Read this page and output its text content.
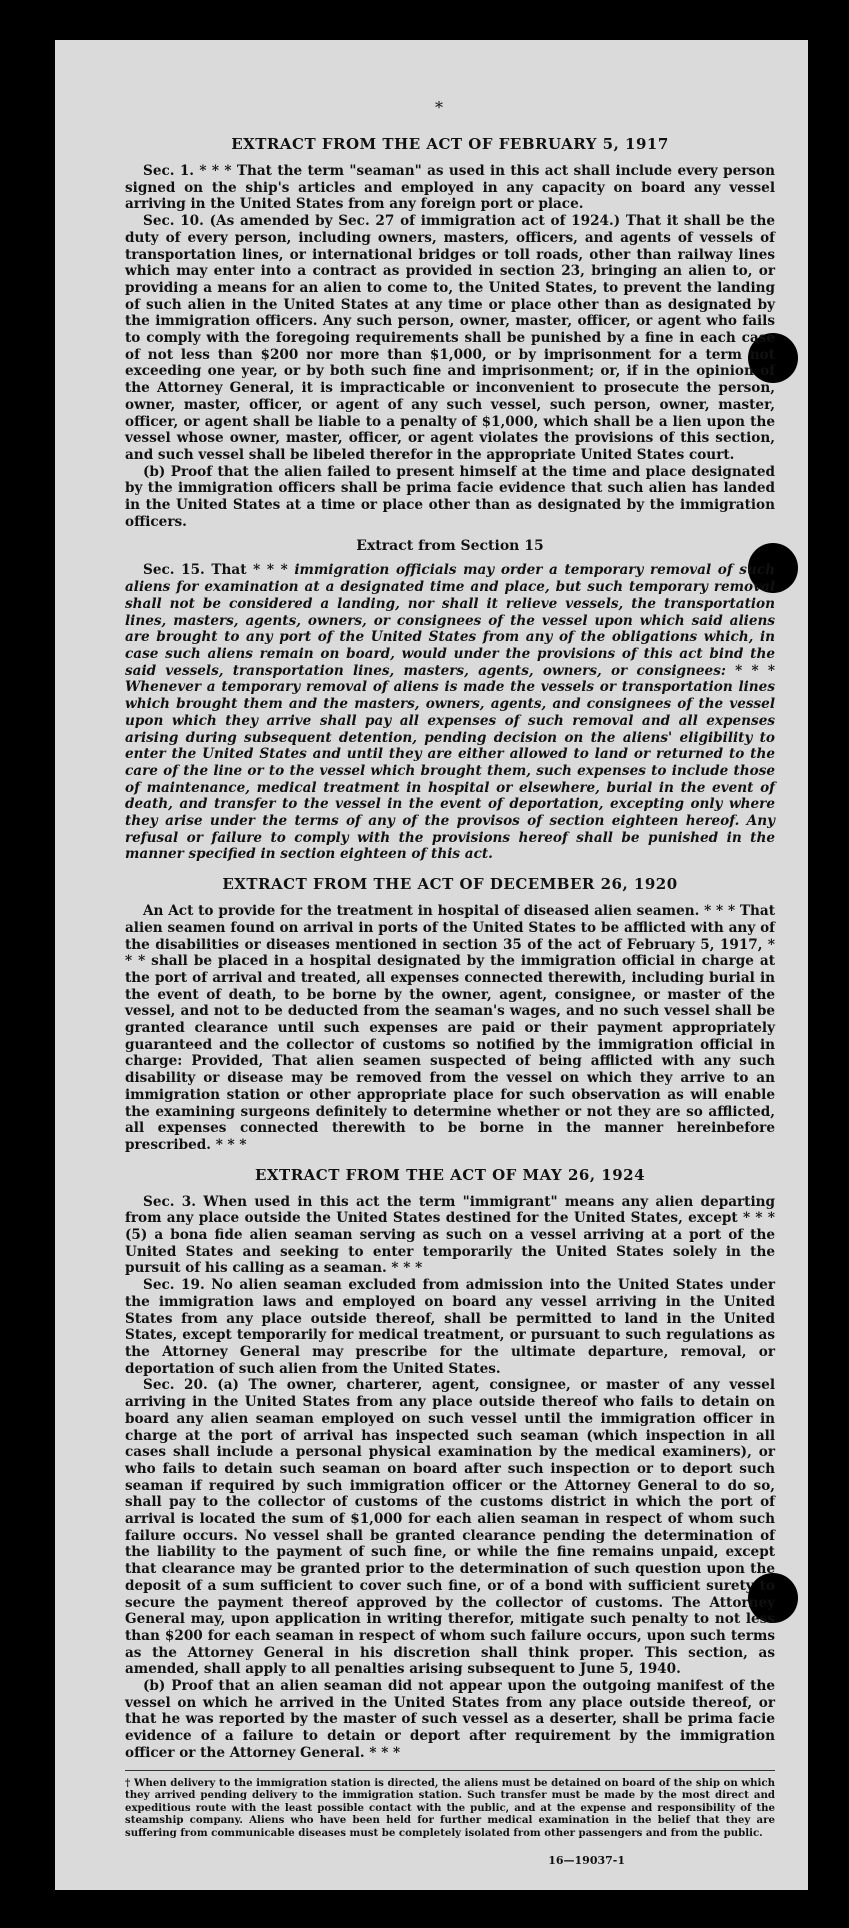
*
EXTRACT FROM THE ACT OF FEBRUARY 5, 1917

Sec. 1. * * * That the term "seaman" as used in this act shall include every person signed on the ship's articles and employed in any capacity on board any vessel arriving in the United States from any foreign port or place.

Sec. 10. (As amended by Sec. 27 of immigration act of 1924.) That it shall be the duty of every person, including owners, masters, officers, and agents of vessels of transportation lines, or international bridges or toll roads, other than railway lines which may enter into a contract as provided in section 23, bringing an alien to, or providing a means for an alien to come to, the United States, to prevent the landing of such alien in the United States at any time or place other than as designated by the immigration officers. Any such person, owner, master, officer, or agent who fails to comply with the foregoing requirements shall be punished by a fine in each case of not less than $200 nor more than $1,000, or by imprisonment for a term not exceeding one year, or by both such fine and imprisonment; or, if in the opinion of the Attorney General, it is impracticable or inconvenient to prosecute the person, owner, master, officer, or agent of any such vessel, such person, owner, master, officer, or agent shall be liable to a penalty of $1,000, which shall be a lien upon the vessel whose owner, master, officer, or agent violates the provisions of this section, and such vessel shall be libeled therefor in the appropriate United States court.

(b) Proof that the alien failed to present himself at the time and place designated by the immigration officers shall be prima facie evidence that such alien has landed in the United States at a time or place other than as designated by the immigration officers.

Extract from Section 15

Sec. 15. That * * * immigration officials may order a temporary removal of such aliens for examination at a designated time and place, but such temporary removal shall not be considered a landing, nor shall it relieve vessels, the transportation lines, masters, agents, owners, or consignees of the vessel upon which said aliens are brought to any port of the United States from any of the obligations which, in case such aliens remain on board, would under the provisions of this act bind the said vessels, transportation lines, masters, agents, owners, or consignees: * * * Whenever a temporary removal of aliens is made the vessels or transportation lines which brought them and the masters, owners, agents, and consignees of the vessel upon which they arrive shall pay all expenses of such removal and all expenses arising during subsequent detention, pending decision on the aliens' eligibility to enter the United States and until they are either allowed to land or returned to the care of the line or to the vessel which brought them, such expenses to include those of maintenance, medical treatment in hospital or elsewhere, burial in the event of death, and transfer to the vessel in the event of deportation, excepting only where they arise under the terms of any of the provisos of section eighteen hereof. Any refusal or failure to comply with the provisions hereof shall be punished in the manner specified in section eighteen of this act.

EXTRACT FROM THE ACT OF DECEMBER 26, 1920

An Act to provide for the treatment in hospital of diseased alien seamen. * * * That alien seamen found on arrival in ports of the United States to be afflicted with any of the disabilities or diseases mentioned in section 35 of the act of February 5, 1917, * * * shall be placed in a hospital designated by the immigration official in charge at the port of arrival and treated, all expenses connected therewith, including burial in the event of death, to be borne by the owner, agent, consignee, or master of the vessel, and not to be deducted from the seaman's wages, and no such vessel shall be granted clearance until such expenses are paid or their payment appropriately guaranteed and the collector of customs so notified by the immigration official in charge: Provided, That alien seamen suspected of being afflicted with any such disability or disease may be removed from the vessel on which they arrive to an immigration station or other appropriate place for such observation as will enable the examining surgeons definitely to determine whether or not they are so afflicted, all expenses connected therewith to be borne in the manner hereinbefore prescribed. * * *

EXTRACT FROM THE ACT OF MAY 26, 1924

Sec. 3. When used in this act the term "immigrant" means any alien departing from any place outside the United States destined for the United States, except * * * (5) a bona fide alien seaman serving as such on a vessel arriving at a port of the United States and seeking to enter temporarily the United States solely in the pursuit of his calling as a seaman. * * *

Sec. 19. No alien seaman excluded from admission into the United States under the immigration laws and employed on board any vessel arriving in the United States from any place outside thereof, shall be permitted to land in the United States, except temporarily for medical treatment, or pursuant to such regulations as the Attorney General may prescribe for the ultimate departure, removal, or deportation of such alien from the United States.

Sec. 20. (a) The owner, charterer, agent, consignee, or master of any vessel arriving in the United States from any place outside thereof who fails to detain on board any alien seaman employed on such vessel until the immigration officer in charge at the port of arrival has inspected such seaman (which inspection in all cases shall include a personal physical examination by the medical examiners), or who fails to detain such seaman on board after such inspection or to deport such seaman if required by such immigration officer or the Attorney General to do so, shall pay to the collector of customs of the customs district in which the port of arrival is located the sum of $1,000 for each alien seaman in respect of whom such failure occurs. No vessel shall be granted clearance pending the determination of the liability to the payment of such fine, or while the fine remains unpaid, except that clearance may be granted prior to the determination of such question upon the deposit of a sum sufficient to cover such fine, or of a bond with sufficient surety to secure the payment thereof approved by the collector of customs. The Attorney General may, upon application in writing therefor, mitigate such penalty to not less than $200 for each seaman in respect of whom such failure occurs, upon such terms as the Attorney General in his discretion shall think proper. This section, as amended, shall apply to all penalties arising subsequent to June 5, 1940.

(b) Proof that an alien seaman did not appear upon the outgoing manifest of the vessel on which he arrived in the United States from any place outside thereof, or that he was reported by the master of such vessel as a deserter, shall be prima facie evidence of a failure to detain or deport after requirement by the immigration officer or the Attorney General. * * *

† When delivery to the immigration station is directed, the aliens must be detained on board of the ship on which they arrived pending delivery to the immigration station. Such transfer must be made by the most direct and expeditious route with the least possible contact with the public, and at the expense and responsibility of the steamship company. Aliens who have been held for further medical examination in the belief that they are suffering from communicable diseases must be completely isolated from other passengers and from the public.
16—19037-1
